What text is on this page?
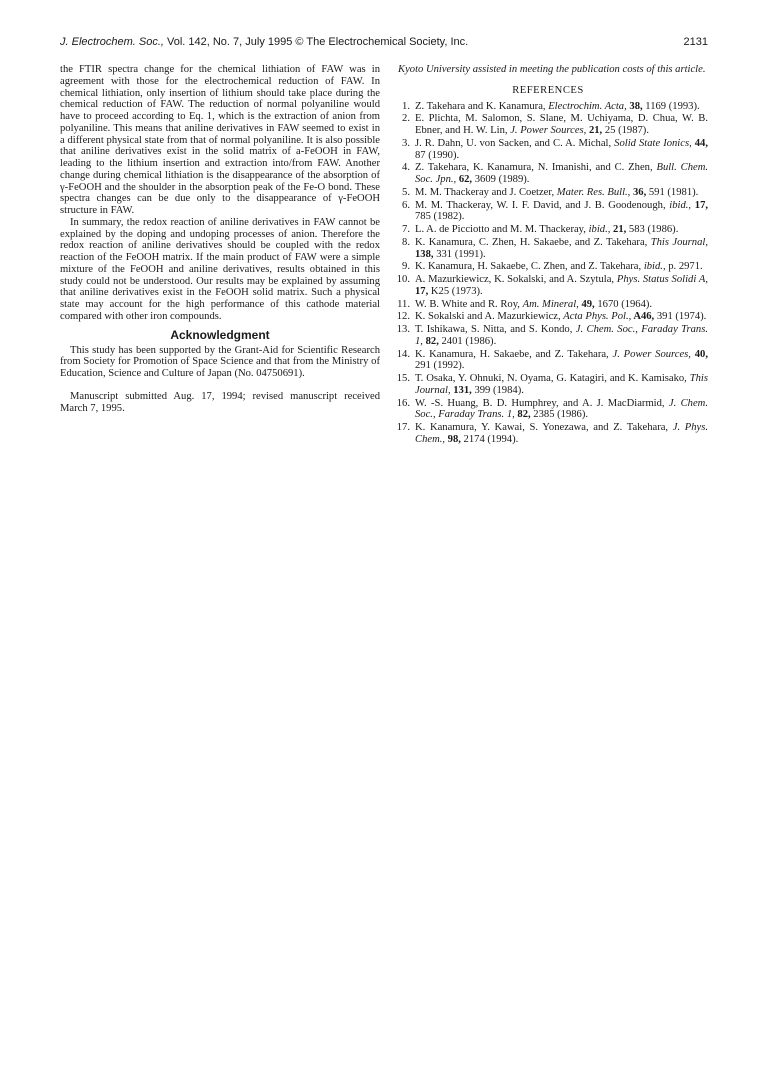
J. Electrochem. Soc., Vol. 142, No. 7, July 1995 © The Electrochemical Society, Inc.	2131

the FTIR spectra change for the chemical lithiation of FAW was in agreement with those for the electrochemical reduction of FAW. In chemical lithiation, only insertion of lithium should take place during the chemical reduction of FAW. The reduction of normal polyaniline would have to proceed according to Eq. 1, which is the extraction of anion from polyaniline. This means that aniline derivatives in FAW seemed to exist in a different physical state from that of normal polyaniline. It is also possible that aniline derivatives exist in the solid matrix of a-FeOOH in FAW, leading to the lithium insertion and extraction into/from FAW. Another change during chemical lithiation is the disappearance of the absorption of γ-FeOOH and the shoulder in the absorption peak of the Fe-O bond. These spectra changes can be due only to the disappearance of γ-FeOOH structure in FAW.

In summary, the redox reaction of aniline derivatives in FAW cannot be explained by the doping and undoping processes of anion. Therefore the redox reaction of aniline derivatives should be coupled with the redox reaction of the FeOOH matrix. If the main product of FAW were a simple mixture of the FeOOH and aniline derivatives, results obtained in this study could not be understood. Our results may be explained by assuming that aniline derivatives exist in the FeOOH solid matrix. Such a physical state may account for the high performance of this cathode material compared with other iron compounds.

Acknowledgment

This study has been supported by the Grant-Aid for Scientific Research from Society for Promotion of Space Science and that from the Ministry of Education, Science and Culture of Japan (No. 04750691).

Manuscript submitted Aug. 17, 1994; revised manuscript received March 7, 1995.

Kyoto University assisted in meeting the publication costs of this article.

REFERENCES
1. Z. Takehara and K. Kanamura, Electrochim. Acta, 38, 1169 (1993).
2. E. Plichta, M. Salomon, S. Slane, M. Uchiyama, D. Chua, W. B. Ebner, and H. W. Lin, J. Power Sources, 21, 25 (1987).
3. J. R. Dahn, U. von Sacken, and C. A. Michal, Solid State Ionics, 44, 87 (1990).
4. Z. Takehara, K. Kanamura, N. Imanishi, and C. Zhen, Bull. Chem. Soc. Jpn., 62, 3609 (1989).
5. M. M. Thackeray and J. Coetzer, Mater. Res. Bull., 36, 591 (1981).
6. M. M. Thackeray, W. I. F. David, and J. B. Goodenough, ibid., 17, 785 (1982).
7. L. A. de Picciotto and M. M. Thackeray, ibid., 21, 583 (1986).
8. K. Kanamura, C. Zhen, H. Sakaebe, and Z. Takehara, This Journal, 138, 331 (1991).
9. K. Kanamura, H. Sakaebe, C. Zhen, and Z. Takehara, ibid., p. 2971.
10. A. Mazurkiewicz, K. Sokalski, and A. Szytula, Phys. Status Solidi A, 17, K25 (1973).
11. W. B. White and R. Roy, Am. Mineral, 49, 1670 (1964).
12. K. Sokalski and A. Mazurkiewicz, Acta Phys. Pol., A46, 391 (1974).
13. T. Ishikawa, S. Nitta, and S. Kondo, J. Chem. Soc., Faraday Trans. 1, 82, 2401 (1986).
14. K. Kanamura, H. Sakaebe, and Z. Takehara, J. Power Sources, 40, 291 (1992).
15. T. Osaka, Y. Ohnuki, N. Oyama, G. Katagiri, and K. Kamisako, This Journal, 131, 399 (1984).
16. W. -S. Huang, B. D. Humphrey, and A. J. MacDiarmid, J. Chem. Soc., Faraday Trans. 1, 82, 2385 (1986).
17. K. Kanamura, Y. Kawai, S. Yonezawa, and Z. Takehara, J. Phys. Chem., 98, 2174 (1994).
